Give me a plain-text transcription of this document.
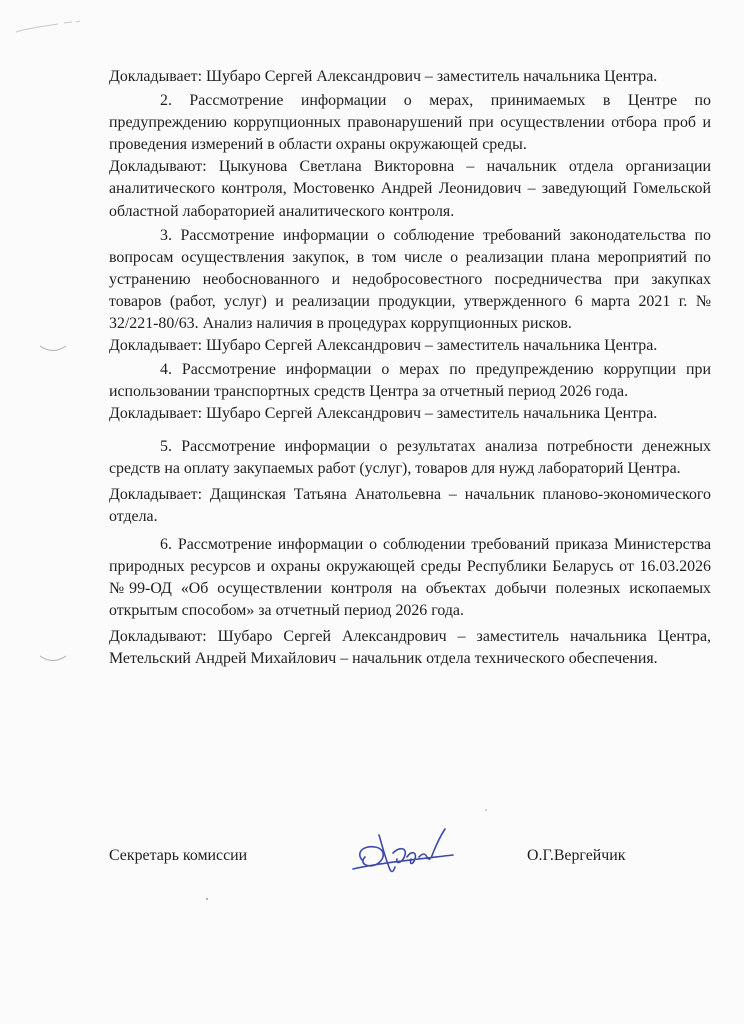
Докладывает: Шубаро Сергей Александрович – заместитель начальника Центра.

2. Рассмотрение информации о мерах, принимаемых в Центре по предупреждению коррупционных правонарушений при осуществлении отбора проб и проведения измерений в области охраны окружающей среды.

Докладывают: Цыкунова Светлана Викторовна – начальник отдела организации аналитического контроля, Мостовенко Андрей Леонидович – заведующий Гомельской областной лабораторией аналитического контроля.

3. Рассмотрение информации о соблюдение требований законодательства по вопросам осуществления закупок, в том числе о реализации плана мероприятий по устранению необоснованного и недобросовестного посредничества при закупках товаров (работ, услуг) и реализации продукции, утвержденного 6 марта 2021 г. № 32/221-80/63. Анализ наличия в процедурах коррупционных рисков.

Докладывает: Шубаро Сергей Александрович – заместитель начальника Центра.

4. Рассмотрение информации о мерах по предупреждению коррупции при использовании транспортных средств Центра за отчетный период 2026 года.

Докладывает: Шубаро Сергей Александрович – заместитель начальника Центра.

5. Рассмотрение информации о результатах анализа потребности денежных средств на оплату закупаемых работ (услуг), товаров для нужд лабораторий Центра.

Докладывает: Дащинская Татьяна Анатольевна – начальник планово-экономического отдела.

6. Рассмотрение информации о соблюдении требований приказа Министерства природных ресурсов и охраны окружающей среды Республики Беларусь от 16.03.2026 №99-ОД «Об осуществлении контроля на объектах добычи полезных ископаемых открытым способом» за отчетный период 2026 года.

Докладывают: Шубаро Сергей Александрович – заместитель начальника Центра, Метельский Андрей Михайлович – начальник отдела технического обеспечения.

Секретарь комиссии	О.Г.Вергейчик
